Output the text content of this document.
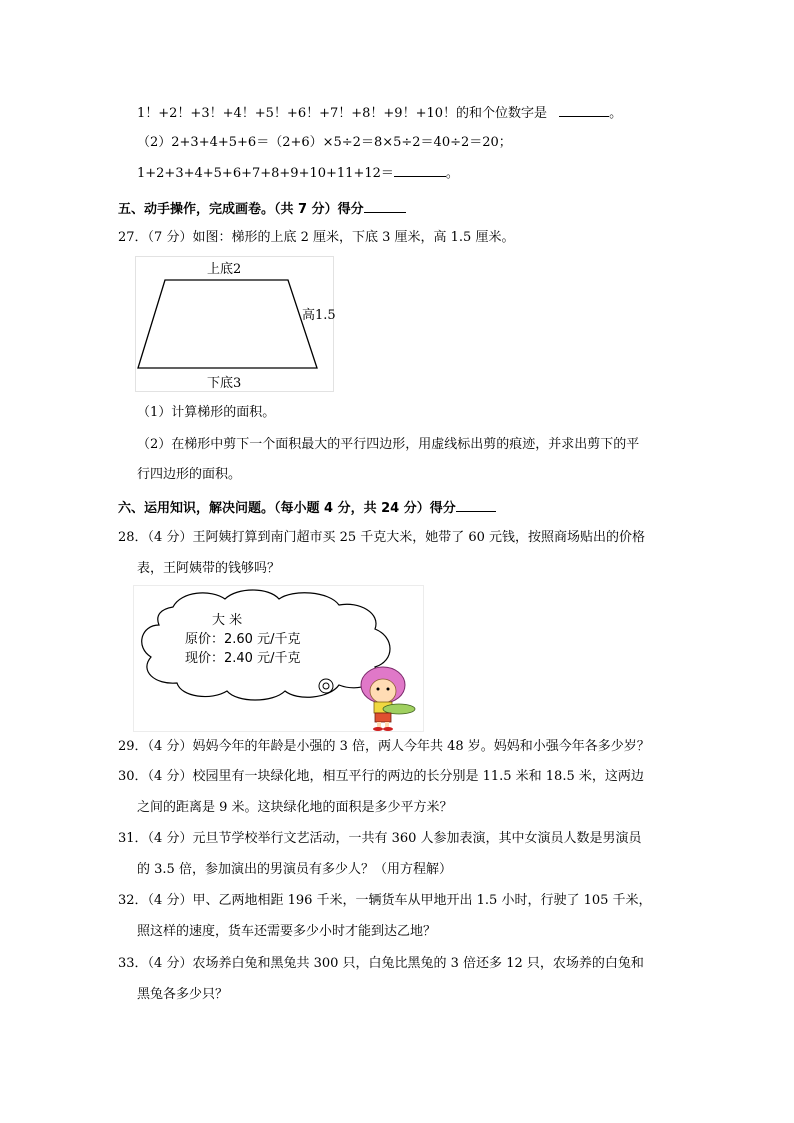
1！+2！+3！+4！+5！+6！+7！+8！+9！+10！的和个位数字是	。
（2）2+3+4+5+6＝（2+6）×5÷2＝8×5÷2＝40÷2＝20；
1+2+3+4+5+6+7+8+9+10+11+12＝	。
五、动手操作，完成画卷。（共 7 分）得分
27．（7 分）如图：梯形的上底 2 厘米，下底 3 厘米，高 1.5 厘米。
上底2
高1.5
下底3
（1）计算梯形的面积。
（2）在梯形中剪下一个面积最大的平行四边形，用虚线标出剪的痕迹，并求出剪下的平
行四边形的面积。
六、运用知识，解决问题。（每小题 4 分，共 24 分）得分
28．（4 分）王阿姨打算到南门超市买 25 千克大米，她带了 60 元钱，按照商场贴出的价格
表，王阿姨带的钱够吗？
大 米
原价：2.60 元/千克
现价：2.40 元/千克
29．（4 分）妈妈今年的年龄是小强的 3 倍，两人今年共 48 岁。妈妈和小强今年各多少岁？
30．（4 分）校园里有一块绿化地，相互平行的两边的长分别是 11.5 米和 18.5 米，这两边
之间的距离是 9 米。这块绿化地的面积是多少平方米？
31．（4 分）元旦节学校举行文艺活动，一共有 360 人参加表演，其中女演员人数是男演员
的 3.5 倍，参加演出的男演员有多少人？（用方程解）
32．（4 分）甲、乙两地相距 196 千米，一辆货车从甲地开出 1.5 小时，行驶了 105 千米，
照这样的速度，货车还需要多少小时才能到达乙地？
33．（4 分）农场养白兔和黑兔共 300 只，白兔比黑兔的 3 倍还多 12 只，农场养的白兔和
黑兔各多少只？
